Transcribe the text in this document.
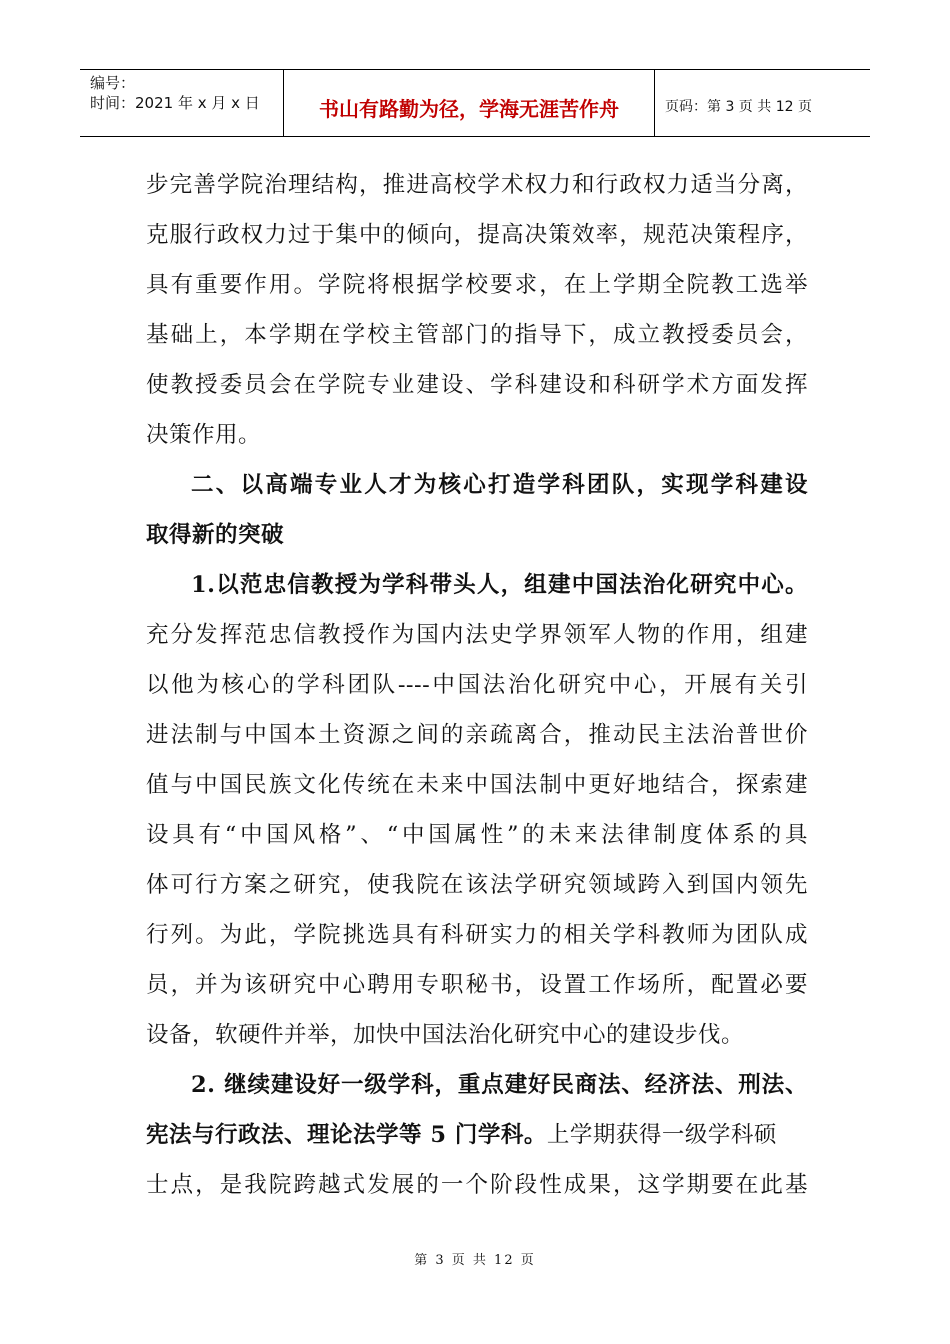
编号：
时间：2021 年 x 月 x 日	书山有路勤为径，学海无涯苦作舟	页码：第 3 页 共 12 页
步完善学院治理结构，推进高校学术权力和行政权力适当分离，
克服行政权力过于集中的倾向，提高决策效率，规范决策程序，
具有重要作用。学院将根据学校要求，在上学期全院教工选举
基础上，本学期在学校主管部门的指导下，成立教授委员会，
使教授委员会在学院专业建设、学科建设和科研学术方面发挥
决策作用。
二、以高端专业人才为核心打造学科团队，实现学科建设
取得新的突破
1.以范忠信教授为学科带头人，组建中国法治化研究中心。
充分发挥范忠信教授作为国内法史学界领军人物的作用，组建
以他为核心的学科团队----中国法治化研究中心，开展有关引
进法制与中国本土资源之间的亲疏离合，推动民主法治普世价
值与中国民族文化传统在未来中国法制中更好地结合，探索建
设具有“中国风格”、“中国属性”的未来法律制度体系的具
体可行方案之研究，使我院在该法学研究领域跨入到国内领先
行列。为此，学院挑选具有科研实力的相关学科教师为团队成
员，并为该研究中心聘用专职秘书，设置工作场所，配置必要
设备，软硬件并举，加快中国法治化研究中心的建设步伐。
2. 继续建设好一级学科，重点建好民商法、经济法、刑法、
宪法与行政法、理论法学等 5 门学科。上学期获得一级学科硕
士点，是我院跨越式发展的一个阶段性成果，这学期要在此基
第 3 页 共 12 页
